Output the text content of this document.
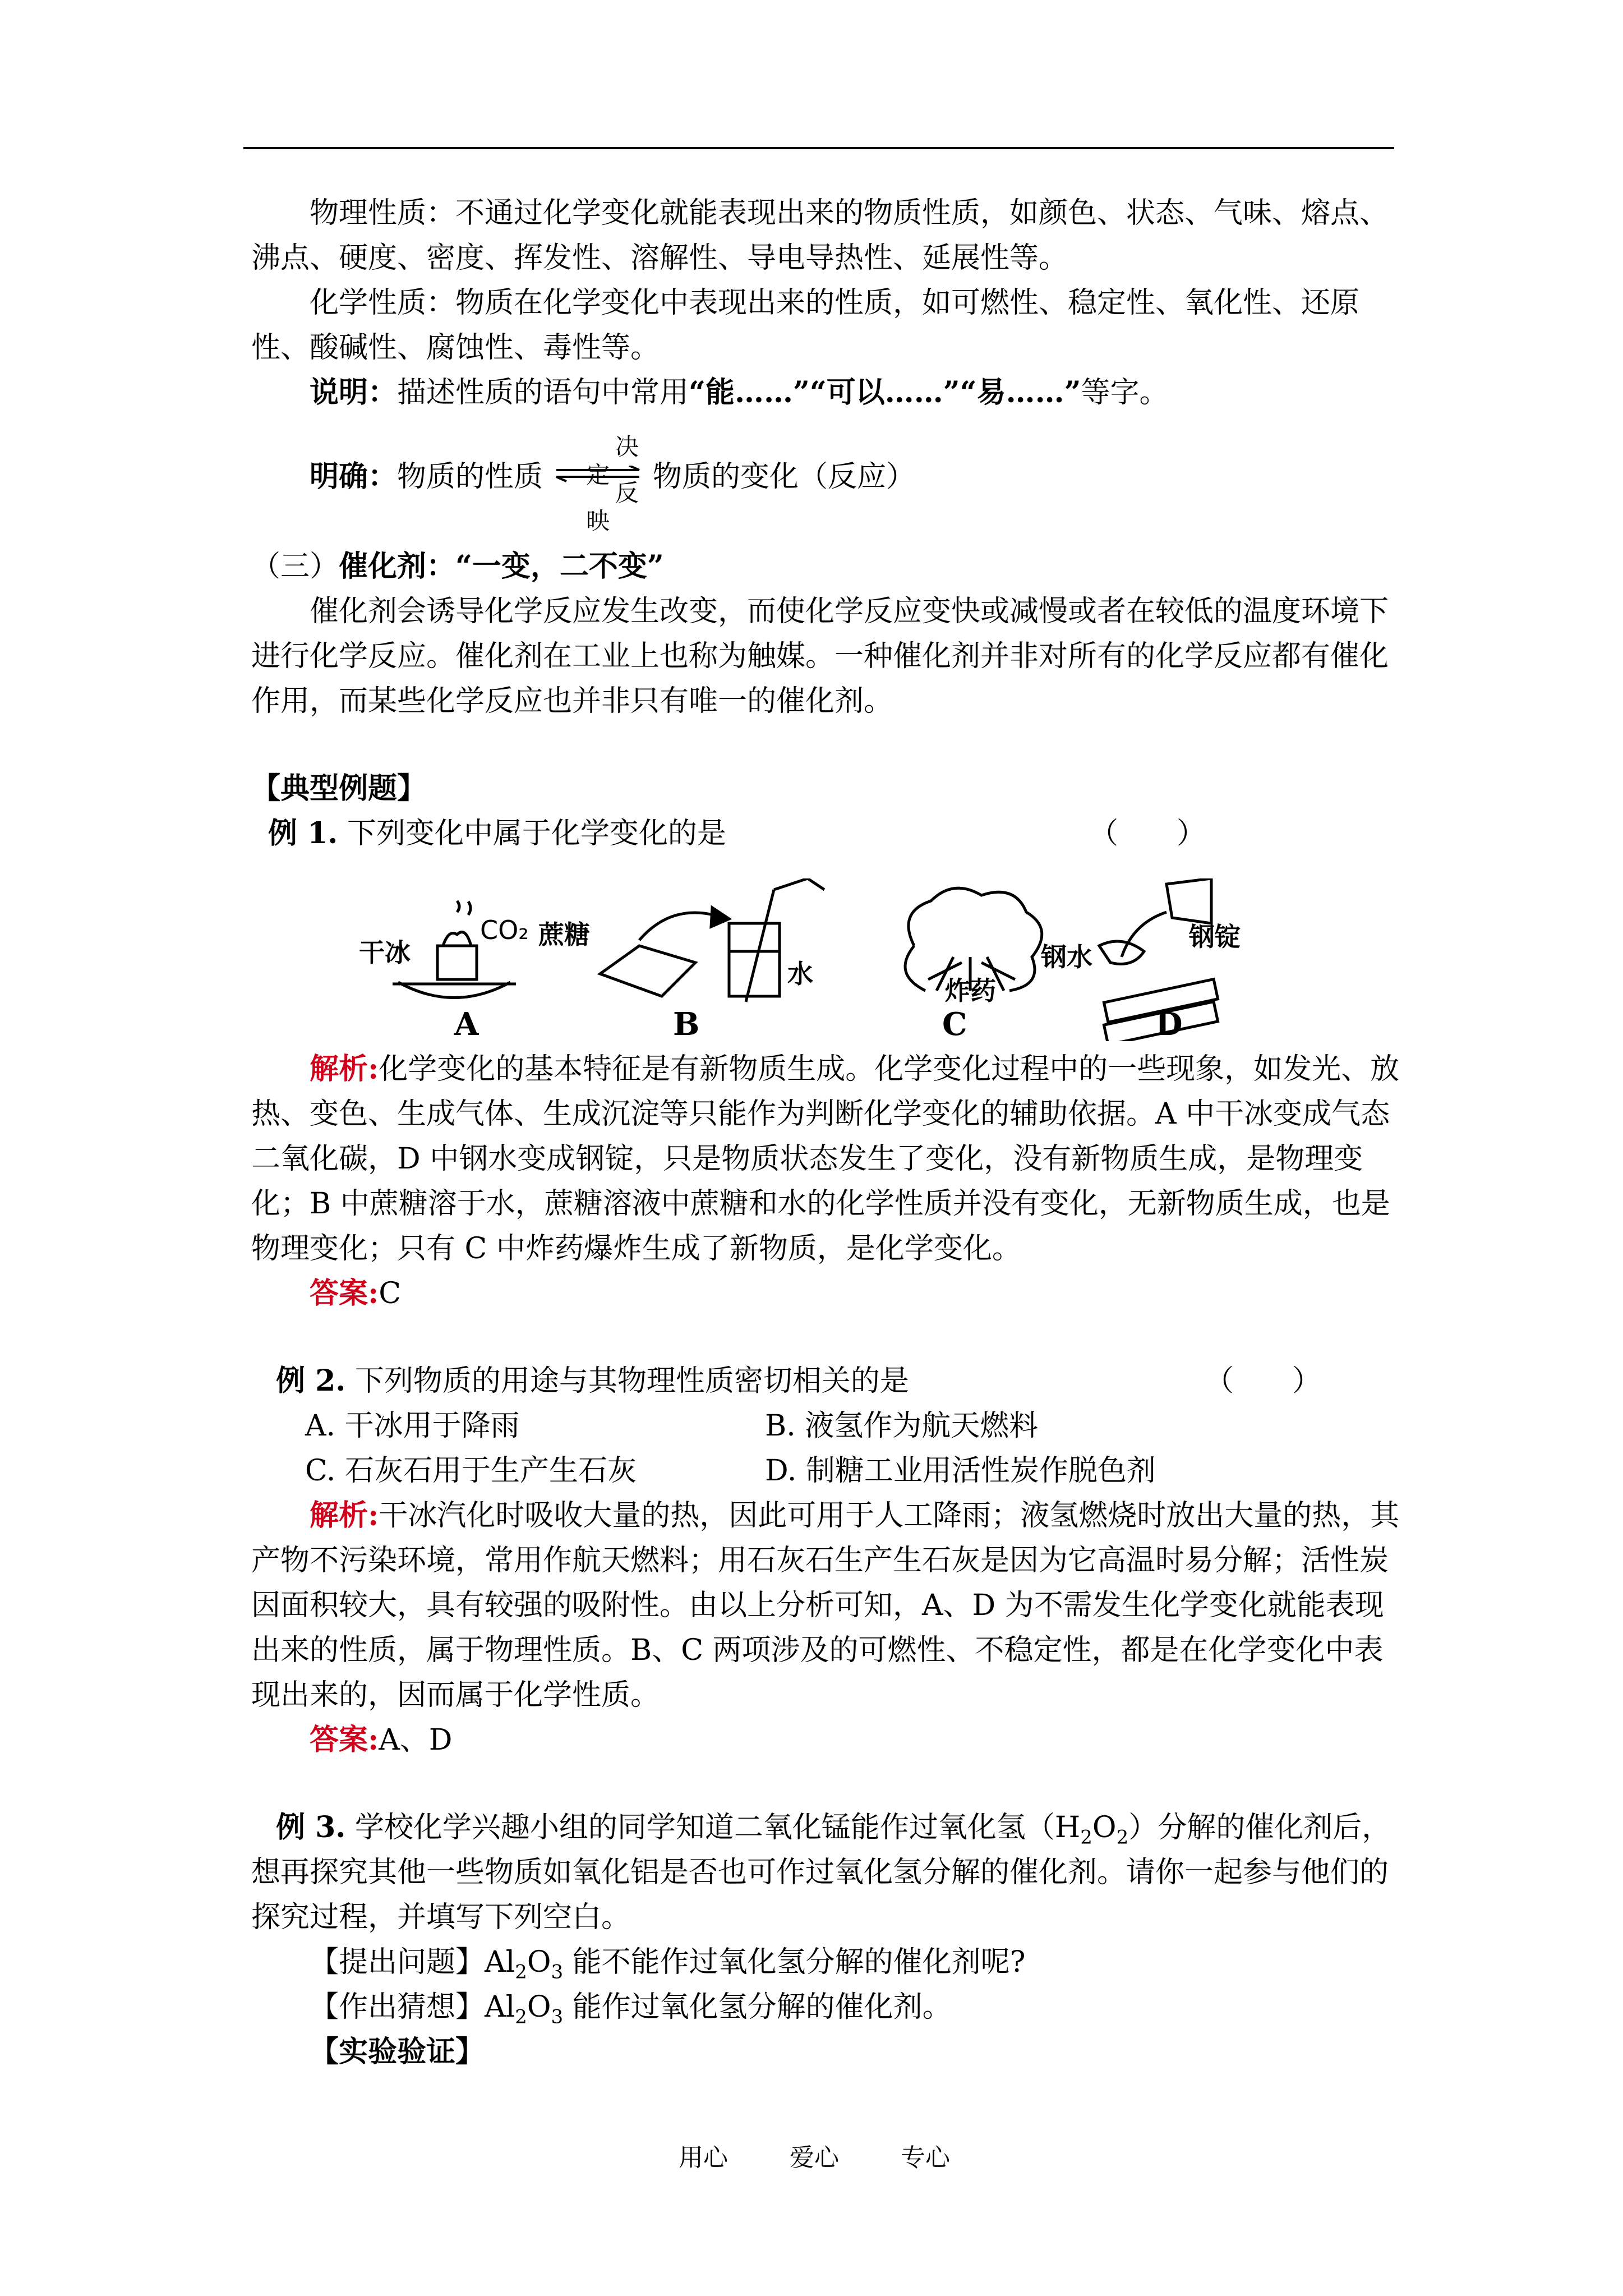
物理性质：不通过化学变化就能表现出来的物质性质，如颜色、状态、气味、熔点、沸点、硬度、密度、挥发性、溶解性、导电导热性、延展性等。

化学性质：物质在化学变化中表现出来的性质，如可燃性、稳定性、氧化性、还原性、酸碱性、腐蚀性、毒性等。

说明：描述性质的语句中常用“能……”“可以……”“易……”等字。

明确：物质的性质
决定
反映
物质的变化（反应）

（三）催化剂：“一变，二不变”

催化剂会诱导化学反应发生改变，而使化学反应变快或减慢或者在较低的温度环境下进行化学反应。催化剂在工业上也称为触媒。一种催化剂并非对所有的化学反应都有催化作用，而某些化学反应也并非只有唯一的催化剂。

【典型例题】

例 1. 下列变化中属于化学变化的是	（　　）

干冰
CO₂ 蔗糖
水
炸药
钢水
钢锭
A	B	C	D

解析:化学变化的基本特征是有新物质生成。化学变化过程中的一些现象，如发光、放热、变色、生成气体、生成沉淀等只能作为判断化学变化的辅助依据。A 中干冰变成气态二氧化碳，D 中钢水变成钢锭，只是物质状态发生了变化，没有新物质生成，是物理变化；B 中蔗糖溶于水，蔗糖溶液中蔗糖和水的化学性质并没有变化，无新物质生成，也是物理变化；只有 C 中炸药爆炸生成了新物质，是化学变化。

答案:C

例 2. 下列物质的用途与其物理性质密切相关的是	（　　）

A. 干冰用于降雨	B. 液氢作为航天燃料
C. 石灰石用于生产生石灰	D. 制糖工业用活性炭作脱色剂

解析:干冰汽化时吸收大量的热，因此可用于人工降雨；液氢燃烧时放出大量的热，其产物不污染环境，常用作航天燃料；用石灰石生产生石灰是因为它高温时易分解；活性炭因面积较大，具有较强的吸附性。由以上分析可知，A、D 为不需发生化学变化就能表现出来的性质，属于物理性质。B、C 两项涉及的可燃性、不稳定性，都是在化学变化中表现出来的，因而属于化学性质。

答案:A、D

例 3. 学校化学兴趣小组的同学知道二氧化锰能作过氧化氢$(H_2O_2)$分解的催化剂后，想再探究其他一些物质如氧化铝是否也可作过氧化氢分解的催化剂。请你一起参与他们的探究过程，并填写下列空白。

【提出问题】$Al_2O_3$ 能不能作过氧化氢分解的催化剂呢?

【作出猜想】$Al_2O_3$ 能作过氧化氢分解的催化剂。

【实验验证】

用心	爱心	专心
